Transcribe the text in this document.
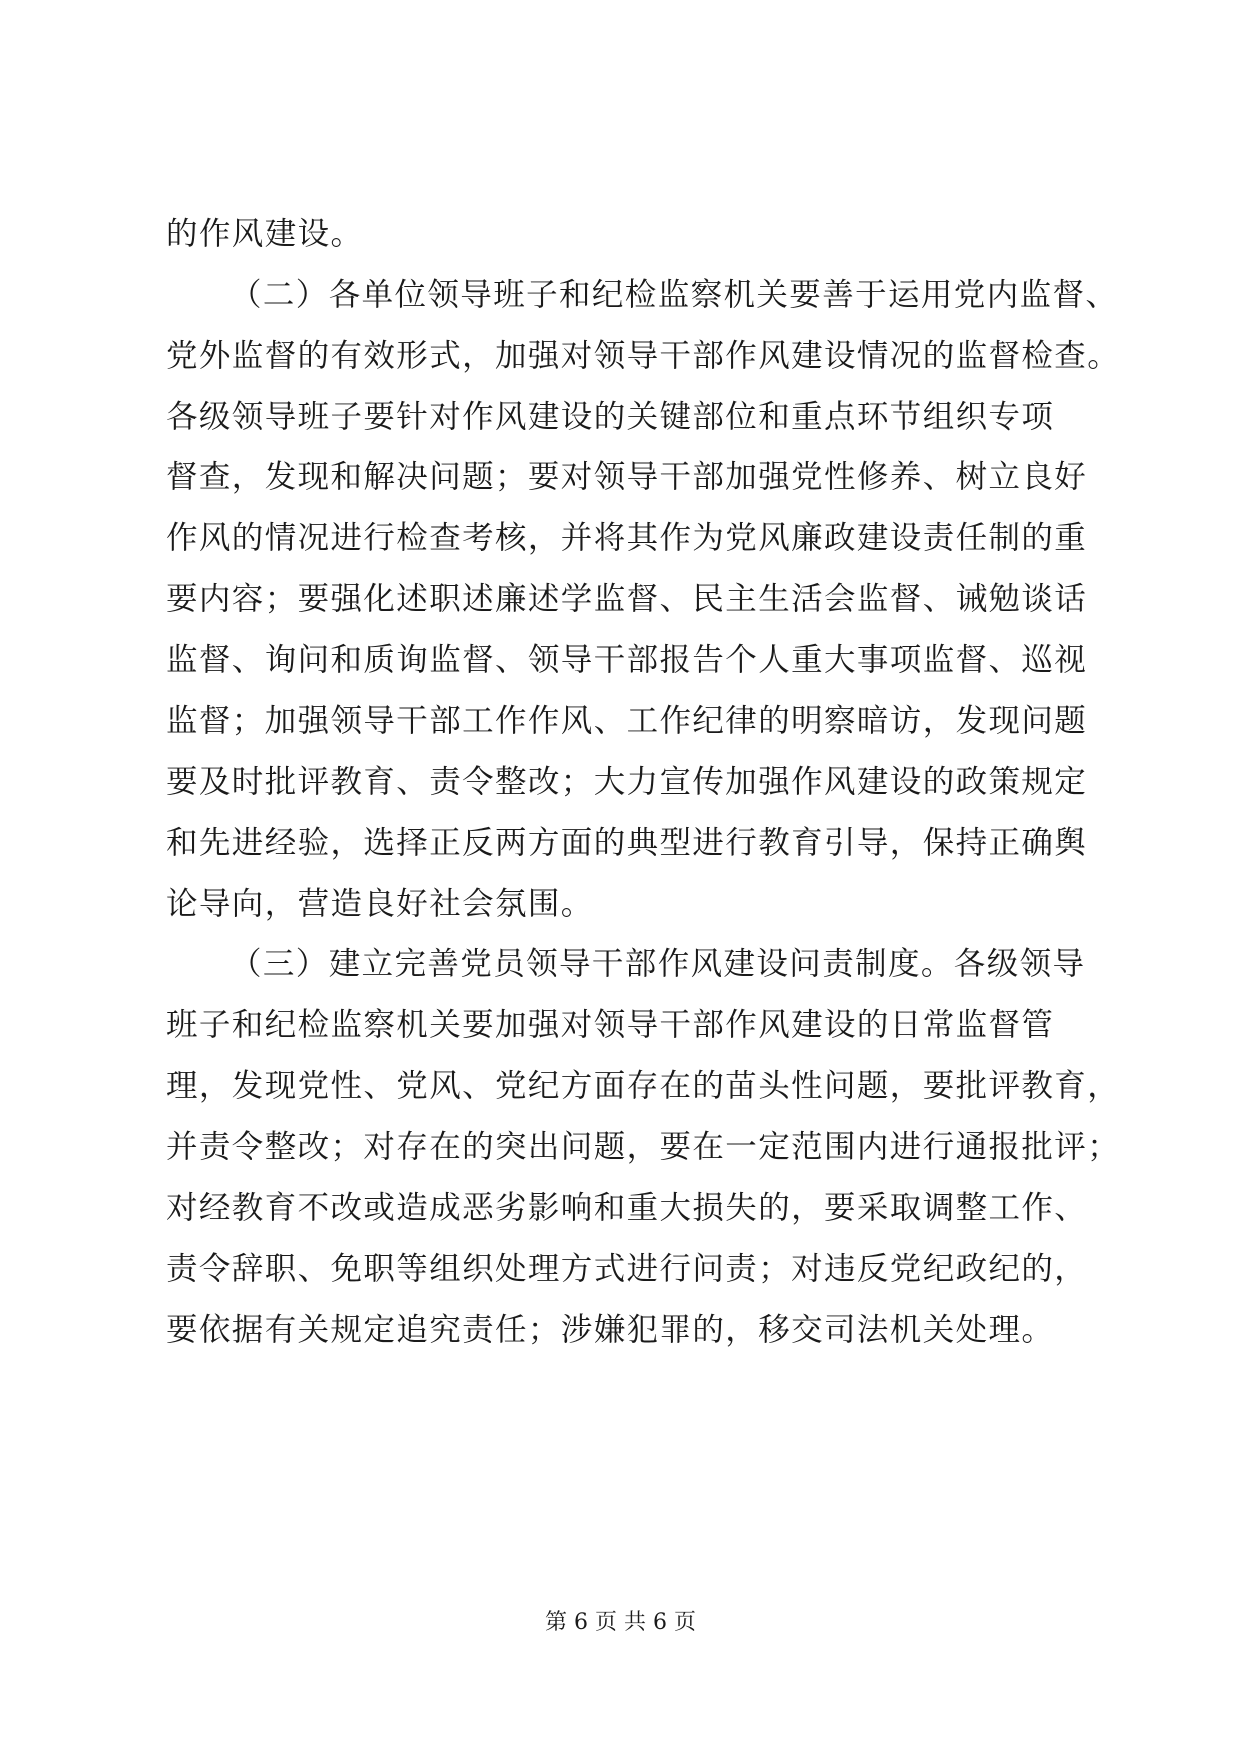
的作风建设。
（二）各单位领导班子和纪检监察机关要善于运用党内监督、
党外监督的有效形式，加强对领导干部作风建设情况的监督检查。
各级领导班子要针对作风建设的关键部位和重点环节组织专项
督查，发现和解决问题；要对领导干部加强党性修养、树立良好
作风的情况进行检查考核，并将其作为党风廉政建设责任制的重
要内容；要强化述职述廉述学监督、民主生活会监督、诫勉谈话
监督、询问和质询监督、领导干部报告个人重大事项监督、巡视
监督；加强领导干部工作作风、工作纪律的明察暗访，发现问题
要及时批评教育、责令整改；大力宣传加强作风建设的政策规定
和先进经验，选择正反两方面的典型进行教育引导，保持正确舆
论导向，营造良好社会氛围。
（三）建立完善党员领导干部作风建设问责制度。各级领导
班子和纪检监察机关要加强对领导干部作风建设的日常监督管
理，发现党性、党风、党纪方面存在的苗头性问题，要批评教育，
并责令整改；对存在的突出问题，要在一定范围内进行通报批评；
对经教育不改或造成恶劣影响和重大损失的，要采取调整工作、
责令辞职、免职等组织处理方式进行问责；对违反党纪政纪的，
要依据有关规定追究责任；涉嫌犯罪的，移交司法机关处理。
第 6 页 共 6 页
